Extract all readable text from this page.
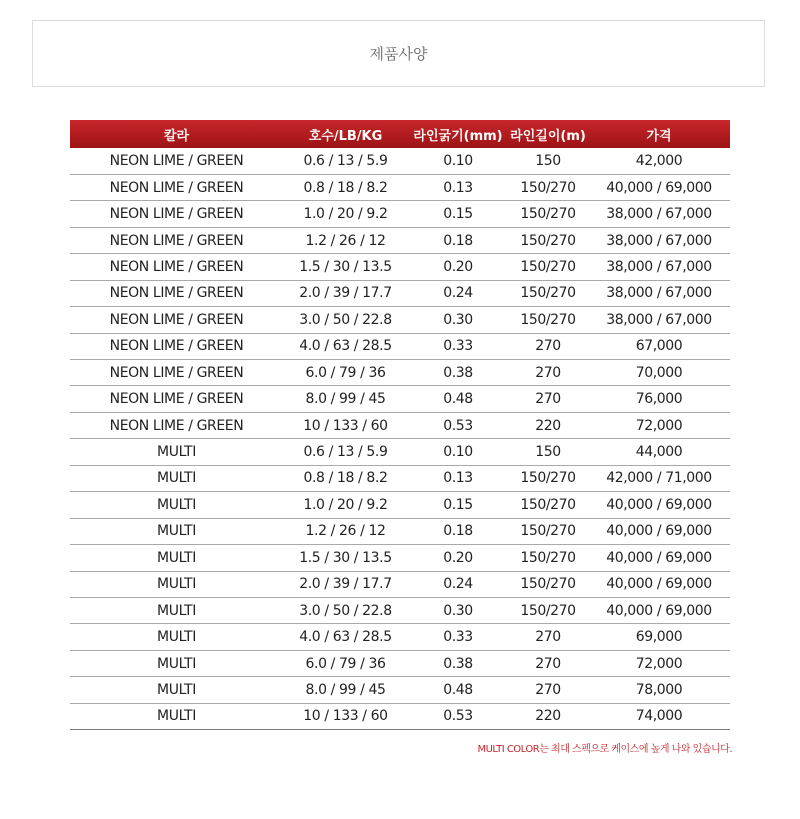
제품사양
칼라	호수/LB/KG	라인굵기(mm)	라인길이(m)	가격
NEON LIME / GREEN	0.6 / 13 / 5.9	0.10	150	42,000
NEON LIME / GREEN	0.8 / 18 / 8.2	0.13	150/270	40,000 / 69,000
NEON LIME / GREEN	1.0 / 20 / 9.2	0.15	150/270	38,000 / 67,000
NEON LIME / GREEN	1.2 / 26 / 12	0.18	150/270	38,000 / 67,000
NEON LIME / GREEN	1.5 / 30 / 13.5	0.20	150/270	38,000 / 67,000
NEON LIME / GREEN	2.0 / 39 / 17.7	0.24	150/270	38,000 / 67,000
NEON LIME / GREEN	3.0 / 50 / 22.8	0.30	150/270	38,000 / 67,000
NEON LIME / GREEN	4.0 / 63 / 28.5	0.33	270	67,000
NEON LIME / GREEN	6.0 / 79 / 36	0.38	270	70,000
NEON LIME / GREEN	8.0 / 99 / 45	0.48	270	76,000
NEON LIME / GREEN	10 / 133 / 60	0.53	220	72,000
MULTI	0.6 / 13 / 5.9	0.10	150	44,000
MULTI	0.8 / 18 / 8.2	0.13	150/270	42,000 / 71,000
MULTI	1.0 / 20 / 9.2	0.15	150/270	40,000 / 69,000
MULTI	1.2 / 26 / 12	0.18	150/270	40,000 / 69,000
MULTI	1.5 / 30 / 13.5	0.20	150/270	40,000 / 69,000
MULTI	2.0 / 39 / 17.7	0.24	150/270	40,000 / 69,000
MULTI	3.0 / 50 / 22.8	0.30	150/270	40,000 / 69,000
MULTI	4.0 / 63 / 28.5	0.33	270	69,000
MULTI	6.0 / 79 / 36	0.38	270	72,000
MULTI	8.0 / 99 / 45	0.48	270	78,000
MULTI	10 / 133 / 60	0.53	220	74,000
MULTI COLOR는 최대 스펙으로 케이스에 높게 나와 있습니다.
